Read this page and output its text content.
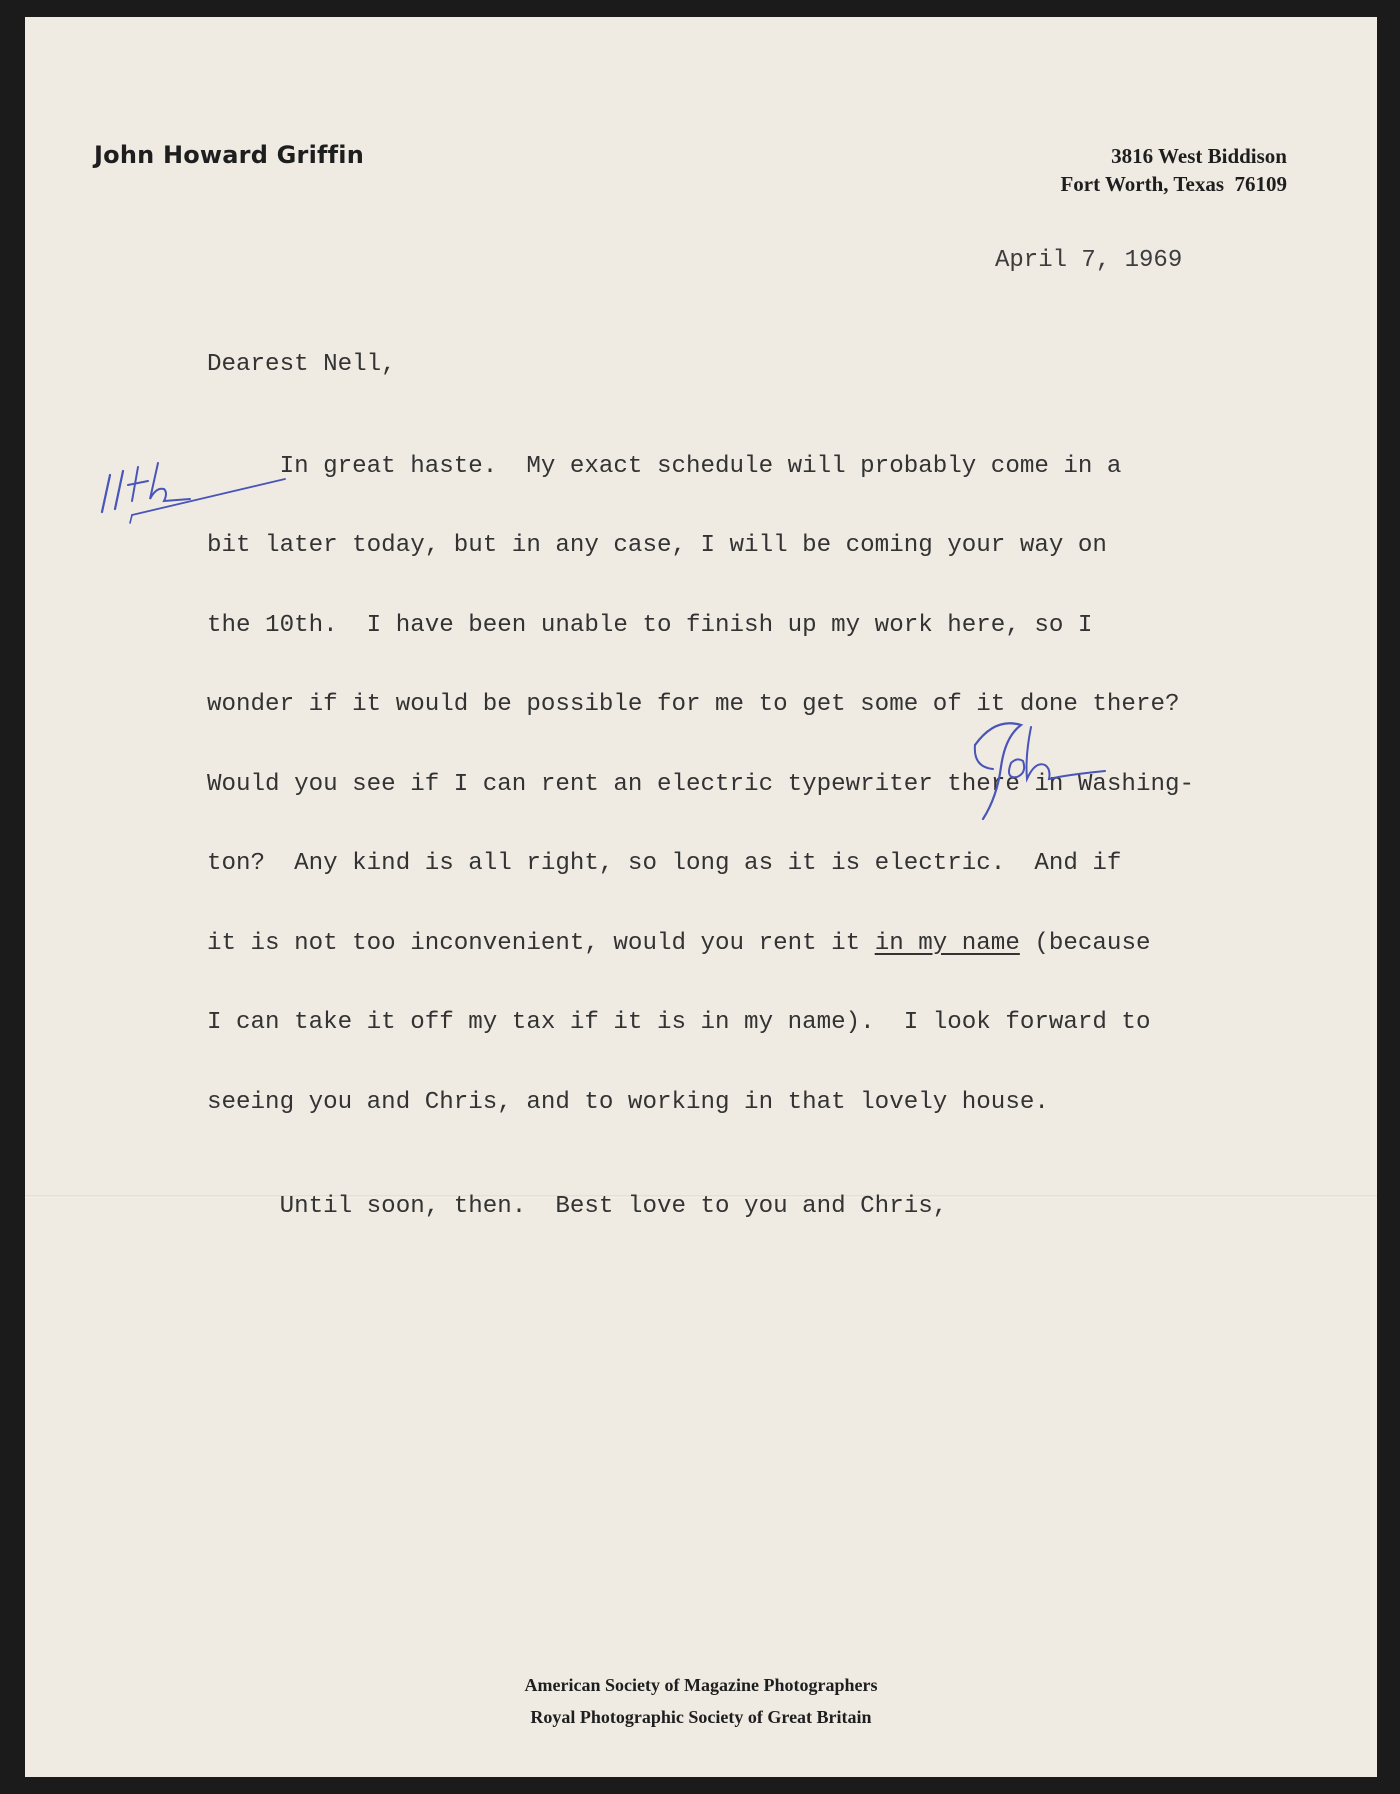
John Howard Griffin	3816 West Biddison
Fort Worth, Texas  76109
April 7, 1969
Dearest Nell,

In great haste.  My exact schedule will probably come in a

bit later today, but in any case, I will be coming your way on

the 10th.  I have been unable to finish up my work here, so I

wonder if it would be possible for me to get some of it done there?

Would you see if I can rent an electric typewriter there in Washing-

ton?  Any kind is all right, so long as it is electric.  And if

it is not too inconvenient, would you rent it in my name (because

I can take it off my tax if it is in my name).  I look forward to

seeing you and Chris, and to working in that lovely house.

Until soon, then.  Best love to you and Chris,
American Society of Magazine Photographers
Royal Photographic Society of Great Britain
